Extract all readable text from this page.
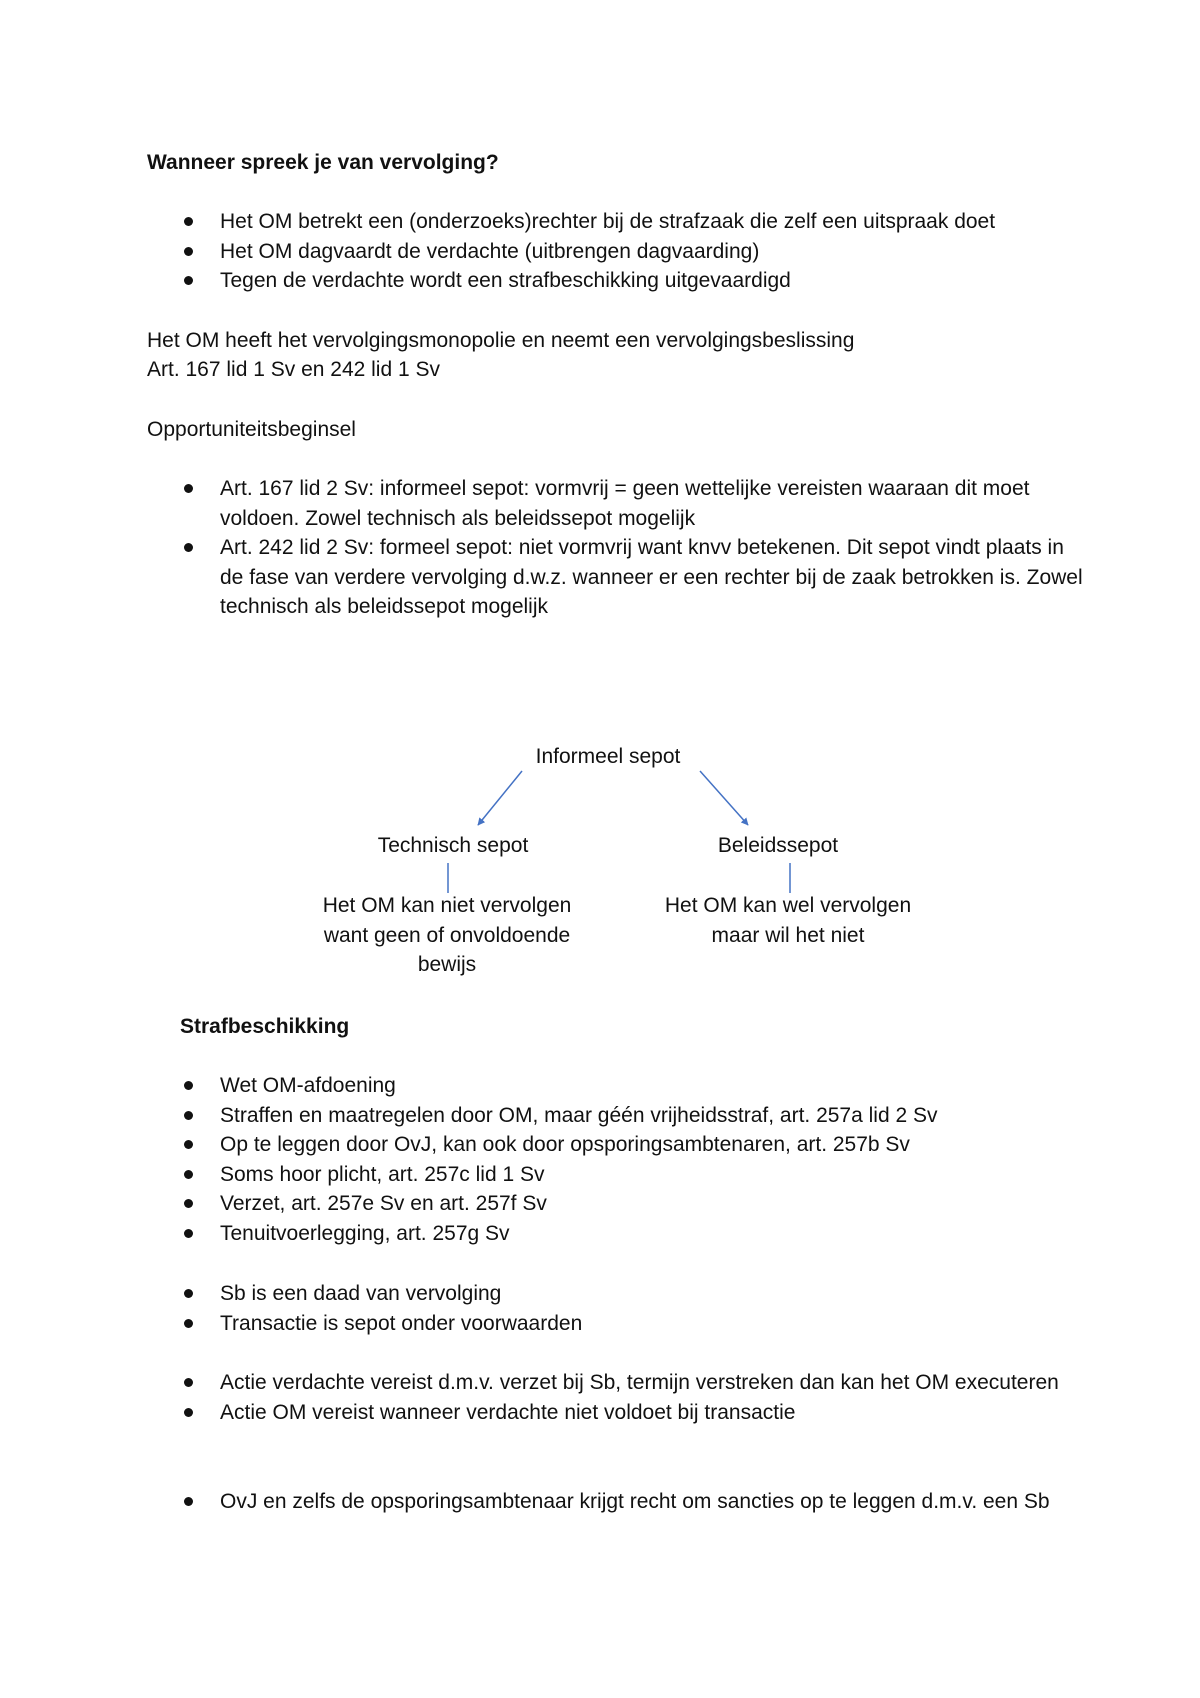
Wanneer spreek je van vervolging?
Het OM betrekt een (onderzoeks)rechter bij de strafzaak die zelf een uitspraak doet
Het OM dagvaardt de verdachte (uitbrengen dagvaarding)
Tegen de verdachte wordt een strafbeschikking uitgevaardigd
Het OM heeft het vervolgingsmonopolie en neemt een vervolgingsbeslissing
Art. 167 lid 1 Sv en 242 lid 1 Sv
Opportuniteitsbeginsel
Art. 167 lid 2 Sv: informeel sepot: vormvrij = geen wettelijke vereisten waaraan dit moet voldoen. Zowel technisch als beleidssepot mogelijk
Art. 242 lid 2 Sv: formeel sepot: niet vormvrij want knvv betekenen. Dit sepot vindt plaats in de fase van verdere vervolging d.w.z. wanneer er een rechter bij de zaak betrokken is. Zowel technisch als beleidssepot mogelijk
Informeel sepot
Technisch sepot	Beleidssepot
Het OM kan niet vervolgen want geen of onvoldoende bewijs
Het OM kan wel vervolgen maar wil het niet
Strafbeschikking
Wet OM-afdoening
Straffen en maatregelen door OM, maar géén vrijheidsstraf, art. 257a lid 2 Sv
Op te leggen door OvJ, kan ook door opsporingsambtenaren, art. 257b Sv
Soms hoor plicht, art. 257c lid 1 Sv
Verzet, art. 257e Sv en art. 257f Sv
Tenuitvoerlegging, art. 257g Sv
Sb is een daad van vervolging
Transactie is sepot onder voorwaarden
Actie verdachte vereist d.m.v. verzet bij Sb, termijn verstreken dan kan het OM executeren
Actie OM vereist wanneer verdachte niet voldoet bij transactie
OvJ en zelfs de opsporingsambtenaar krijgt recht om sancties op te leggen d.m.v. een Sb
